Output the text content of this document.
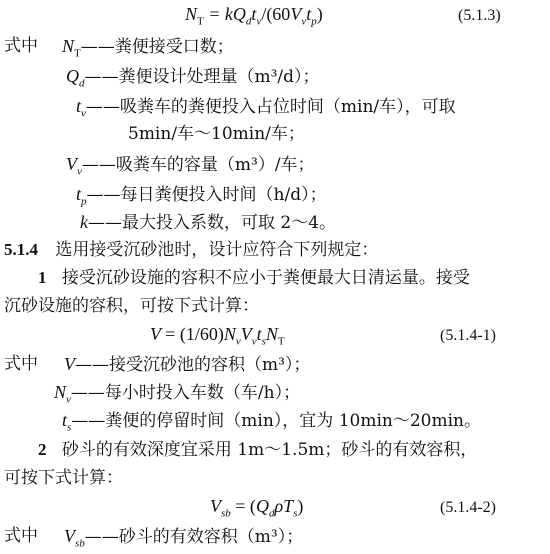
$N_T = kQ_dt_v/(60V_vt_p)$	(5.1.3)
式中 $N_T——$粪便接受口数；
$Q_d——$粪便设计处理量（m³/d）；
$t_v——$吸粪车的粪便投入占位时间（min/车），可取
5min/车～10min/车；
$V_v——$吸粪车的容量（m³）/车；
$t_p——$每日粪便投入时间（h/d）；
k——最大投入系数，可取 2～4。
5.1.4 选用接受沉砂池时，设计应符合下列规定：
1 接受沉砂设施的容积不应小于粪便最大日清运量。接受
沉砂设施的容积，可按下式计算：
$V = (1/60)N_vV_vt_sN_T$	(5.1.4-1)
式中 V——接受沉砂池的容积（m³）；
$N_v——$每小时投入车数（车/h）；
$t_s——$粪便的停留时间（min），宜为 10min～20min。
2 砂斗的有效深度宜采用 1m～1.5m；砂斗的有效容积，
可按下式计算：
$V_{sb} = (Q_d\rho T_s)$	(5.1.4-2)
式中 $V_{sb}——$砂斗的有效容积（m³）；
